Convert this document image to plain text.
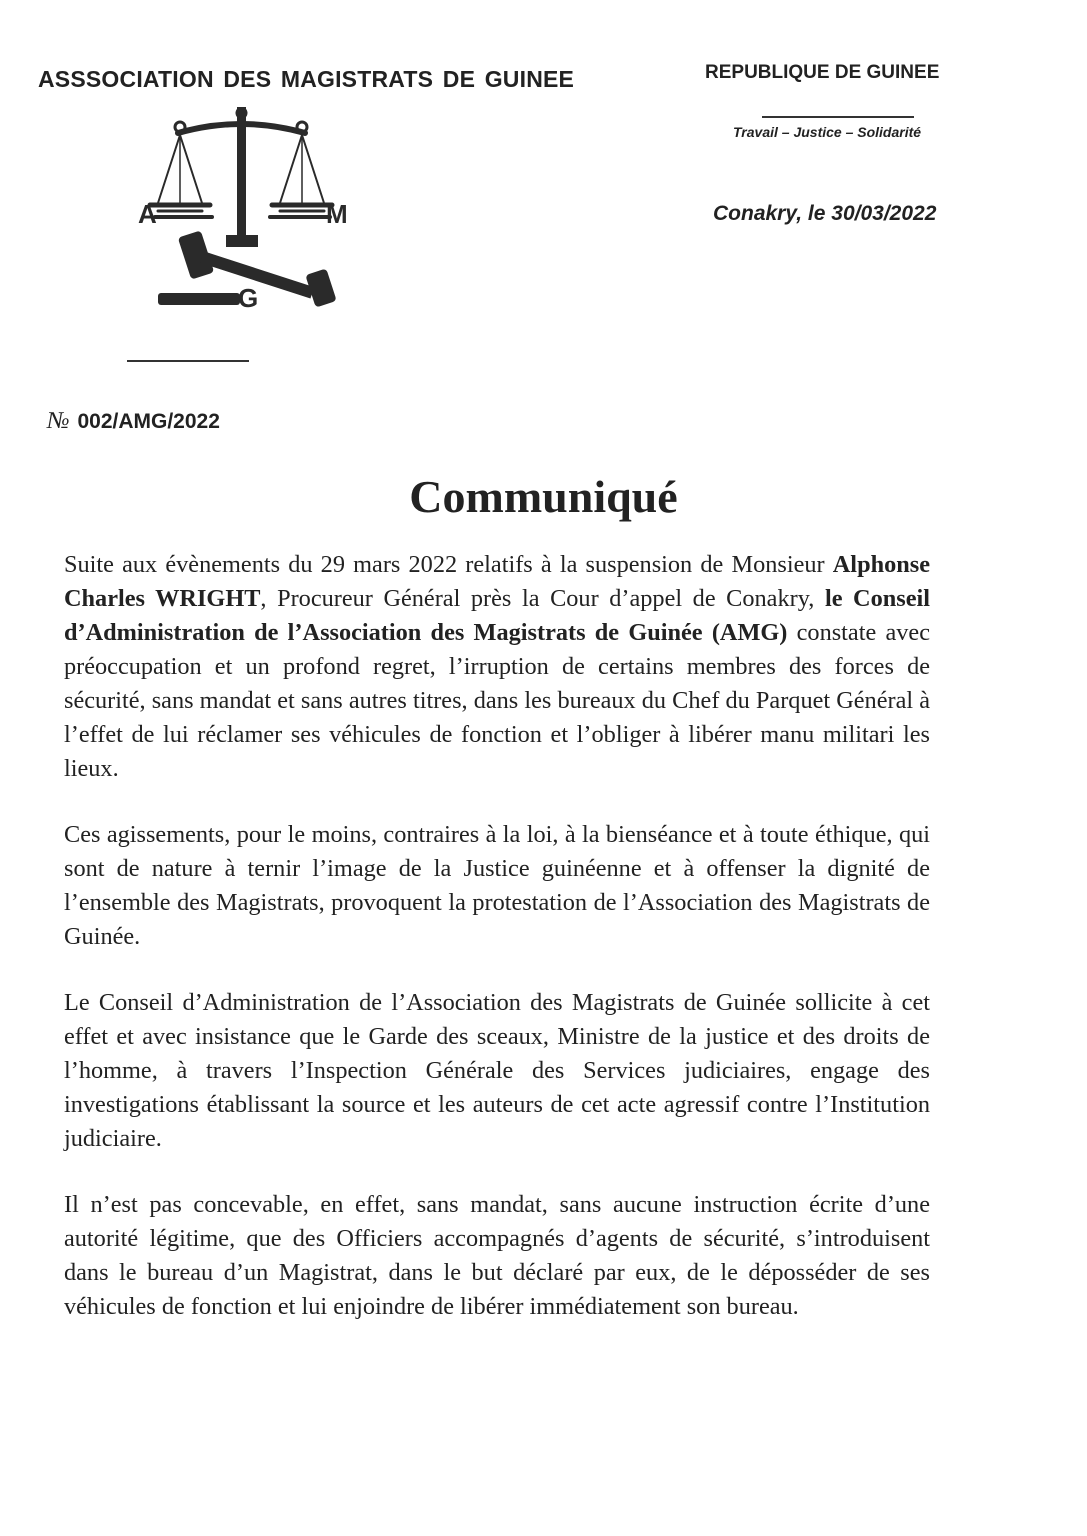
ASSSOCIATION DES MAGISTRATS DE GUINEE	REPUBLIQUE DE GUINEE
Travail – Justice – Solidarité
Conakry, le 30/03/2022
A	M
G
№ 002/AMG/2022
Communiqué

Suite aux évènements du 29 mars 2022 relatifs à la suspension de Monsieur Alphonse Charles WRIGHT, Procureur Général près la Cour d’appel de Conakry, le Conseil d’Administration de l’Association des Magistrats de Guinée (AMG) constate avec préoccupation et un profond regret, l’irruption de certains membres des forces de sécurité, sans mandat et sans autres titres, dans les bureaux du Chef du Parquet Général à l’effet de lui réclamer ses véhicules de fonction et l’obliger à libérer manu militari les lieux.

Ces agissements, pour le moins, contraires à la loi, à la bienséance et à toute éthique, qui sont de nature à ternir l’image de la Justice guinéenne et à offenser la dignité de l’ensemble des Magistrats, provoquent la protestation de l’Association des Magistrats de Guinée.

Le Conseil d’Administration de l’Association des Magistrats de Guinée sollicite à cet effet et avec insistance que le Garde des sceaux, Ministre de la justice et des droits de l’homme, à travers l’Inspection Générale des Services judiciaires, engage des investigations établissant la source et les auteurs de cet acte agressif contre l’Institution judiciaire.

Il n’est pas concevable, en effet, sans mandat, sans aucune instruction écrite d’une autorité légitime, que des Officiers accompagnés d’agents de sécurité, s’introduisent dans le bureau d’un Magistrat, dans le but déclaré par eux, de le déposséder de ses véhicules de fonction et lui enjoindre de libérer immédiatement son bureau.
